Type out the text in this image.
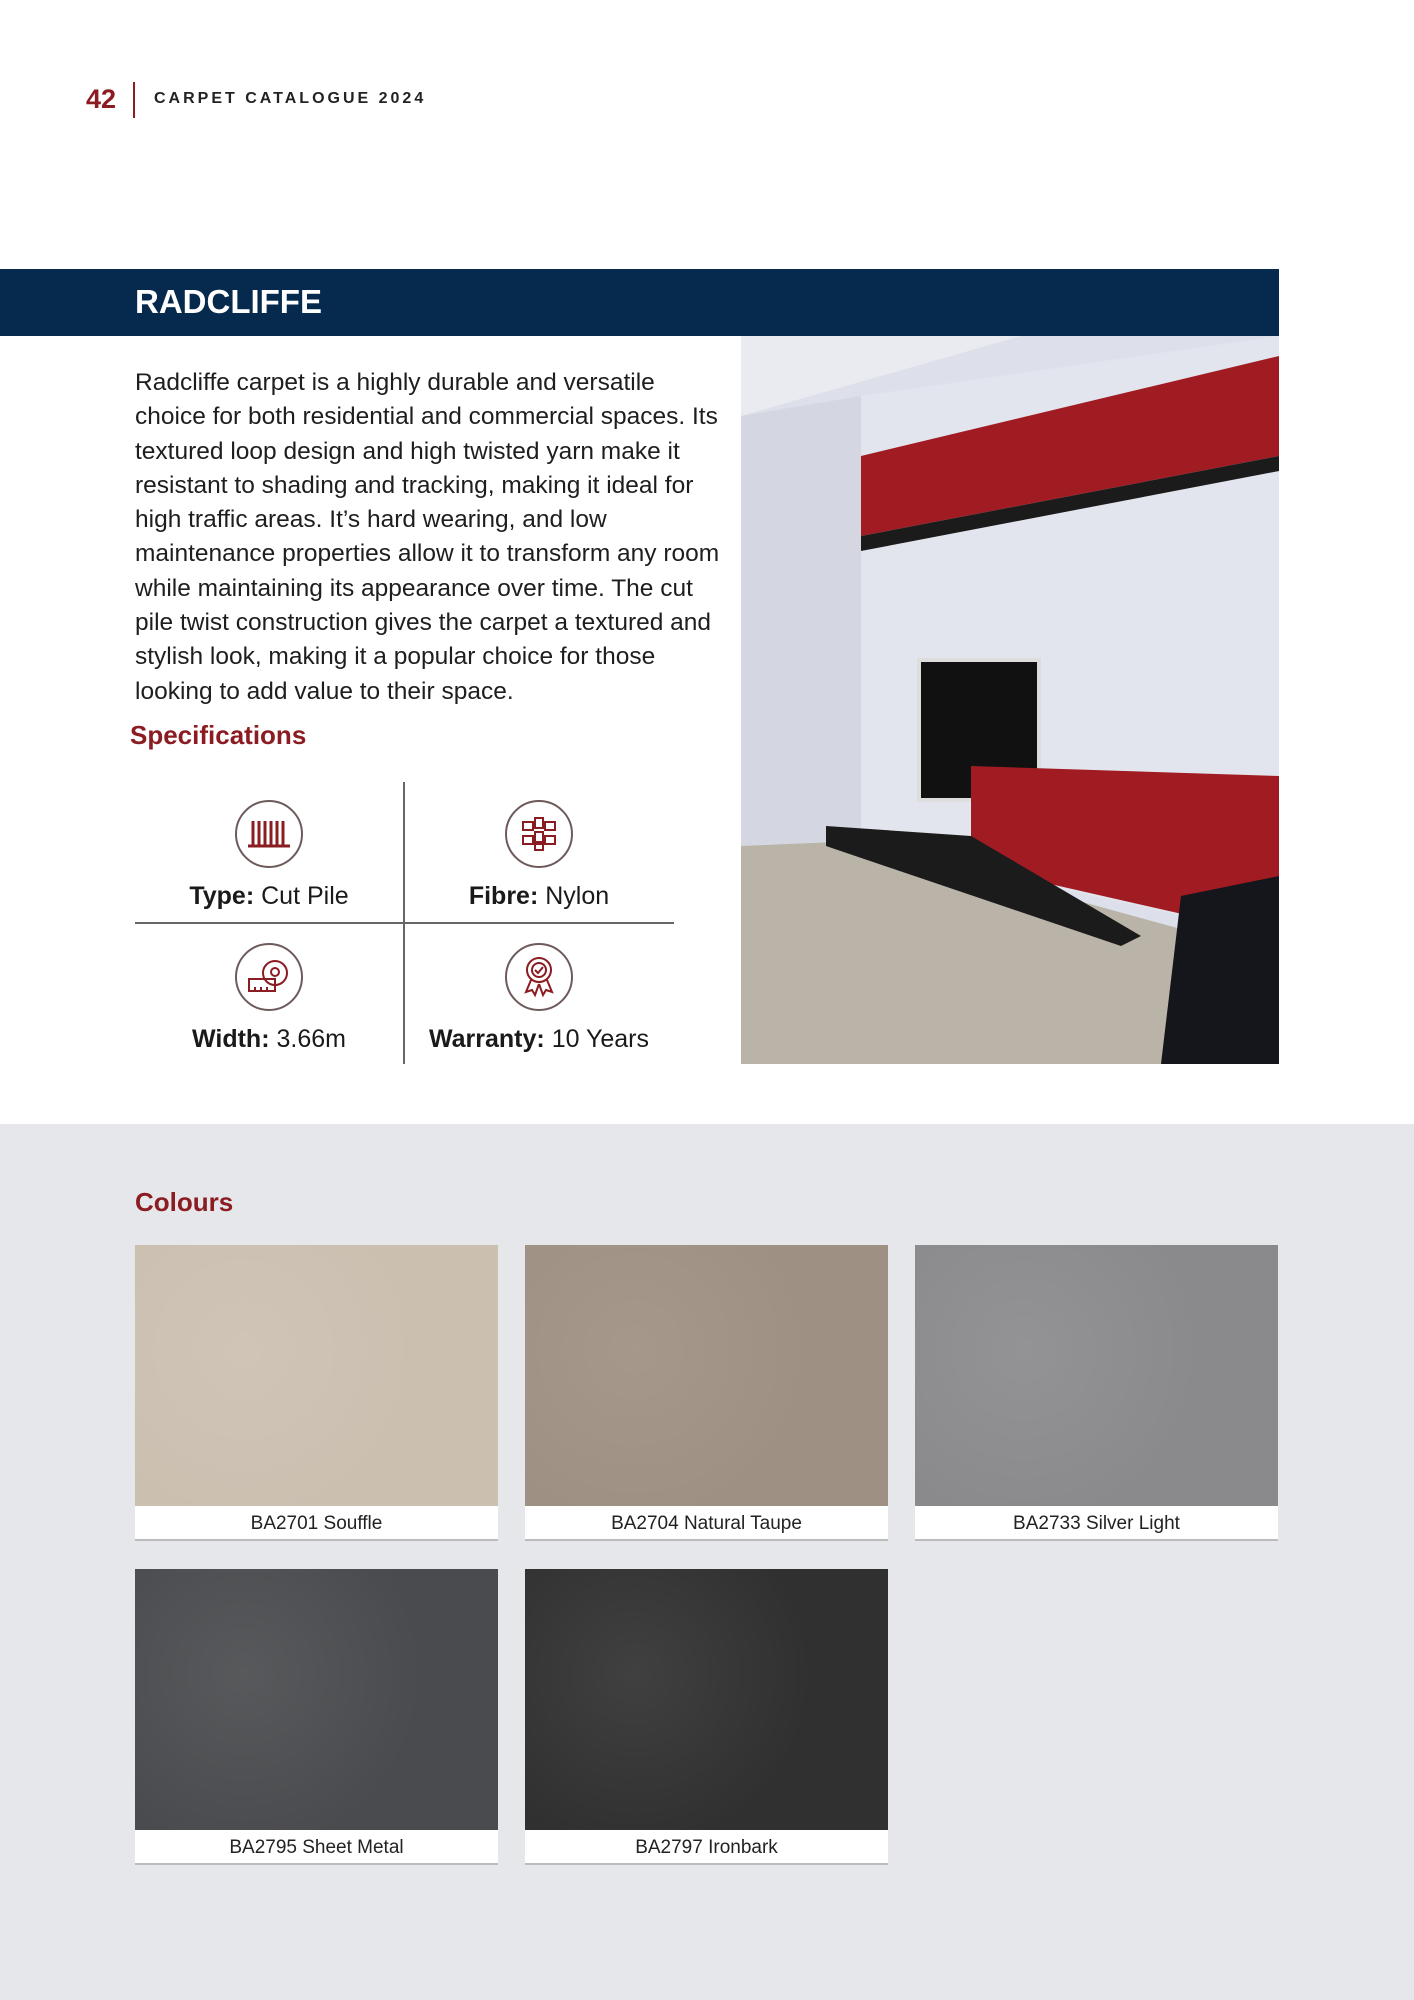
42 CARPET CATALOGUE 2024
RADCLIFFE

Radcliffe carpet is a highly durable and versatile choice for both residential and commercial spaces. Its textured loop design and high twisted yarn make it resistant to shading and tracking, making it ideal for high traffic areas. It’s hard wearing, and low maintenance properties allow it to transform any room while maintaining its appearance over time. The cut pile twist construction gives the carpet a textured and stylish look, making it a popular choice for those looking to add value to their space.

Specifications
Type: Cut Pile	Fibre: Nylon
Width: 3.66m	Warranty: 10 Years
Colours
BA2701 Souffle	BA2704 Natural Taupe	BA2733 Silver Light
BA2795 Sheet Metal	BA2797 Ironbark
